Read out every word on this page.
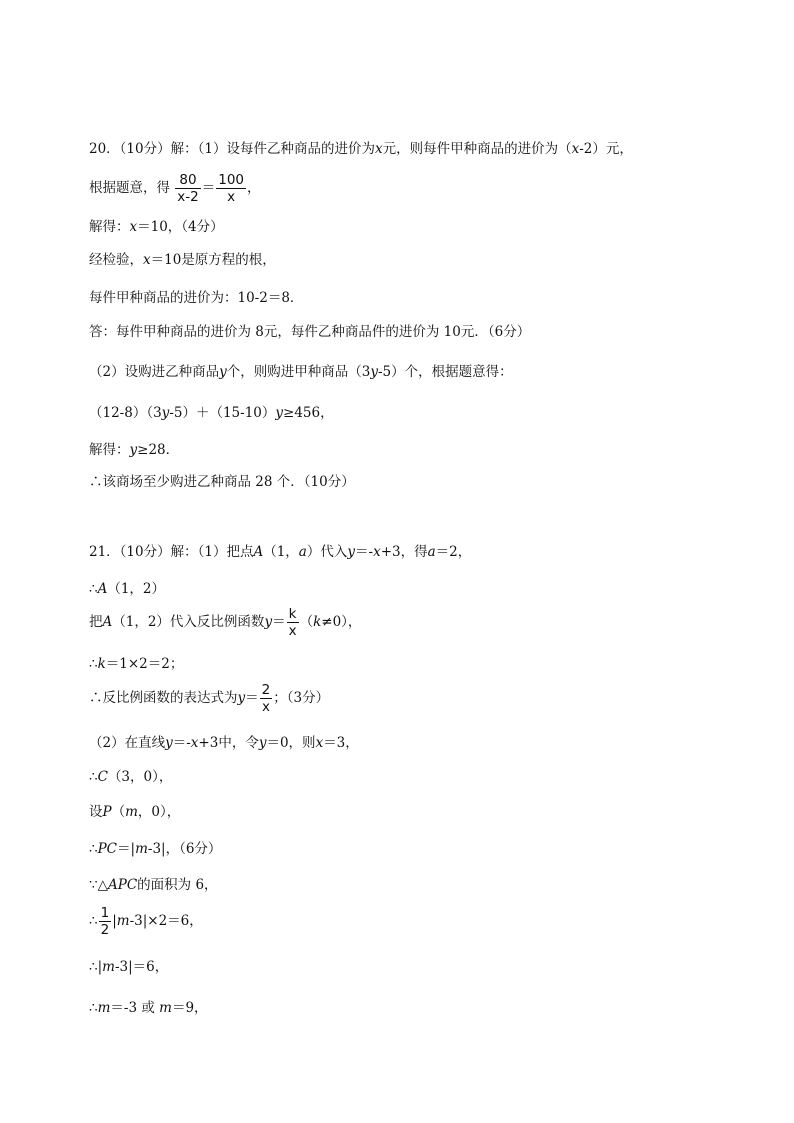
20．（10分）解：（1）设每件乙种商品的进价为x元，则每件甲种商品的进价为（x-2）元，
根据题意，得 $\frac{80}{x-2} = \frac{100}{x}$ ，
解得：x＝10，（4分）
经检验，x＝10是原方程的根，
每件甲种商品的进价为：10-2＝8．
答：每件甲种商品的进价为 8元，每件乙种商品件的进价为 10元．（6分）
（2）设购进乙种商品y个，则购进甲种商品（3y-5）个，根据题意得：
（12-8）（3y-5）＋（15-10）y≥456，
解得：y≥28．
∴该商场至少购进乙种商品 28 个．（10分）
21．（10分）解：（1）把点A（1，a）代入y＝-x+3，得a＝2，
∴A（1，2）
把A（1，2）代入反比例函数$y= \frac{k}{x} (k\ne 0)$，
∴k＝1×2＝2；
∴反比例函数的表达式为$y= \frac{2}{x}$ ；（3分）
（2）在直线y＝-x+3中，令y＝0，则x＝3，
∴C（3，0），
设P（m，0），
∴PC＝|m-3|，（6分）
∵△APC的面积为 6，
∴ $\frac{1}{2} |m-3|\times 2=6$，
∴|m-3|＝6，
∴m＝-3 或 m＝9，
